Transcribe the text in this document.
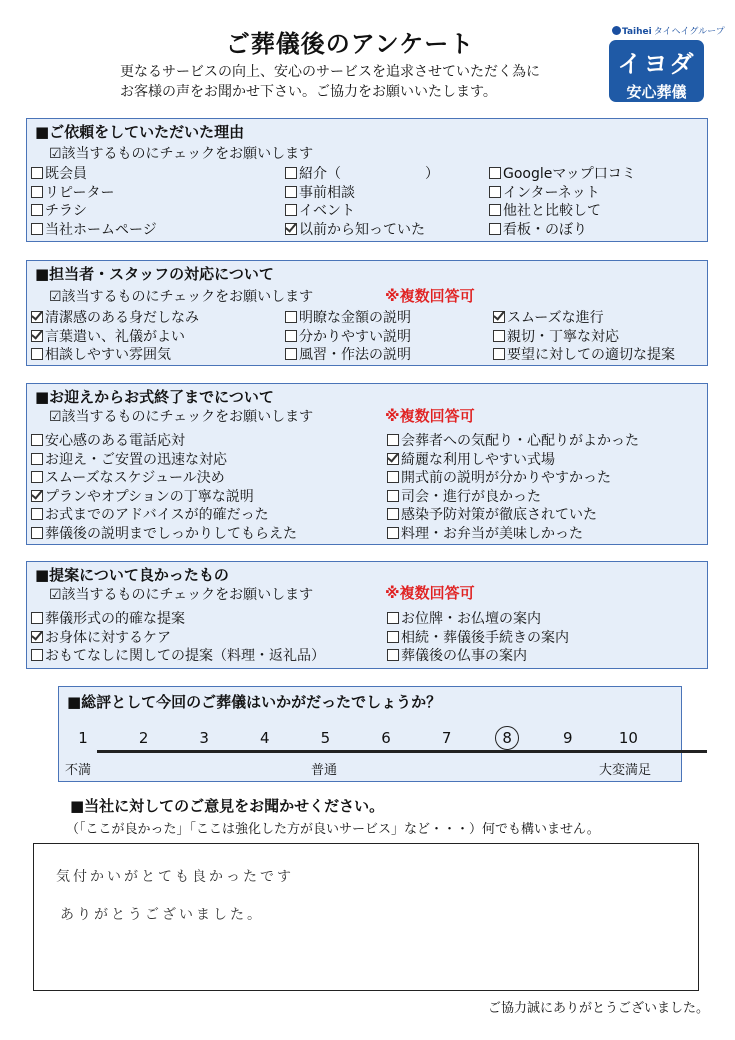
ご葬儀後のアンケート
更なるサービスの向上、安心のサービスを追求させていただく為に
お客様の声をお聞かせ下さい。ご協力をお願いいたします。
Taihei タイヘイグループ
イヨダ
安心葬儀
■ご依頼をしていただいた理由
☑該当するものにチェックをお願いします
既会員	紹介（　　　　　　）	Googleマップ口コミ
リピーター	事前相談	インターネット
チラシ	イベント	他社と比較して
当社ホームページ	以前から知っていた	看板・のぼり
■担当者・スタッフの対応について
☑該当するものにチェックをお願いします	※複数回答可
清潔感のある身だしなみ	明瞭な金額の説明	スムーズな進行
言葉遣い、礼儀がよい	分かりやすい説明	親切・丁寧な対応
相談しやすい雰囲気	風習・作法の説明	要望に対しての適切な提案
■お迎えからお式終了までについて
☑該当するものにチェックをお願いします	※複数回答可
安心感のある電話応対	会葬者への気配り・心配りがよかった
お迎え・ご安置の迅速な対応	綺麗な利用しやすい式場
スムーズなスケジュール決め	開式前の説明が分かりやすかった
プランやオプションの丁寧な説明	司会・進行が良かった
お式までのアドバイスが的確だった	感染予防対策が徹底されていた
葬儀後の説明までしっかりしてもらえた	料理・お弁当が美味しかった
■提案について良かったもの
☑該当するものにチェックをお願いします	※複数回答可
葬儀形式の的確な提案	お位牌・お仏壇の案内
お身体に対するケア	相続・葬儀後手続きの案内
おもてなしに関しての提案（料理・返礼品）	葬儀後の仏事の案内
■総評として今回のご葬儀はいかがだったでしょうか？
1	2	3	4	5	6	7	8	9	10
不満	普通	大変満足
■当社に対してのご意見をお聞かせください。
（「ここが良かった」「ここは強化した方が良いサービス」など・・・）何でも構いません。
気付かいがとても良かったです
ありがとうございました。
ご協力誠にありがとうございました。
